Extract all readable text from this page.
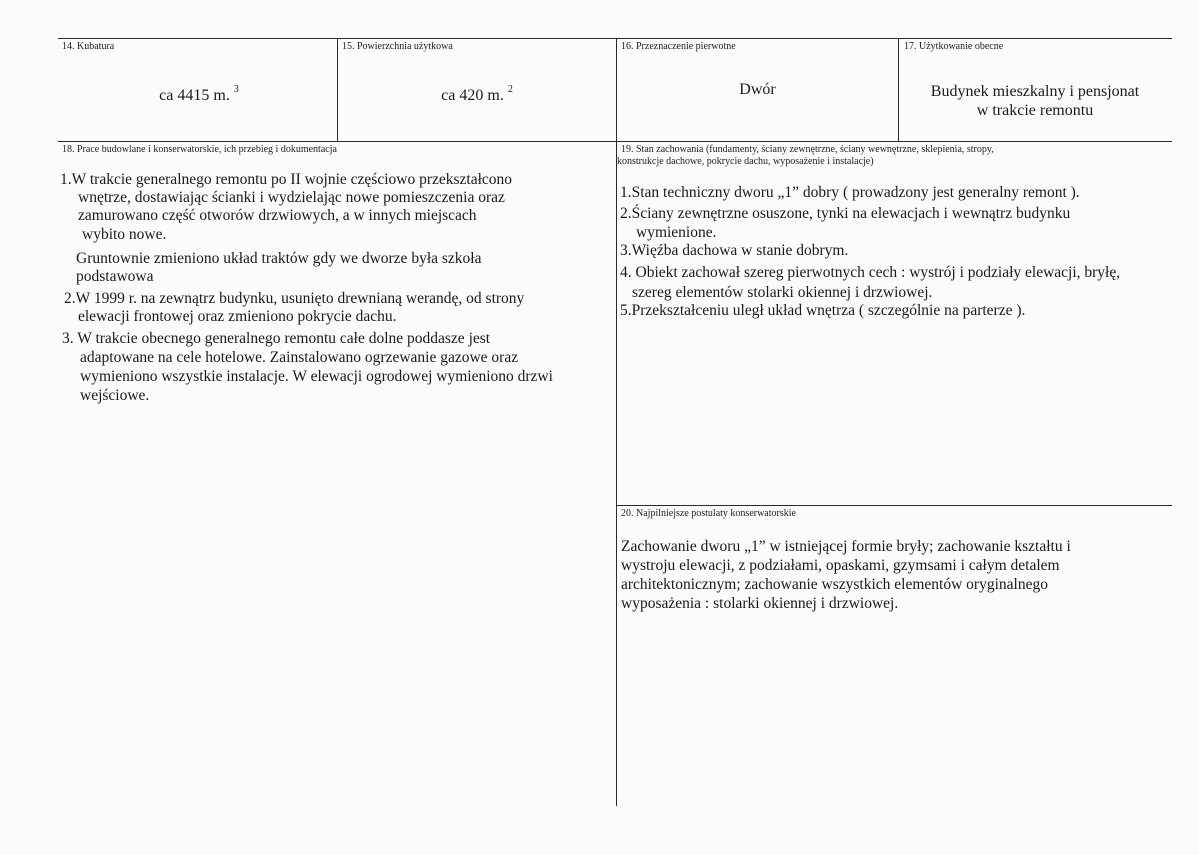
14. Kubatura
ca 4415 m. $^3$
15. Powierzchnia użytkowa
ca 420 m. $^2$
16. Przeznaczenie pierwotne
Dwór
17. Użytkowanie obecne
Budynek mieszkalny i pensjonat
w trakcie remontu
18. Prace budowlane i konserwatorskie, ich przebieg i dokumentacja
1.W trakcie generalnego remontu po II wojnie częściowo przekształcono
wnętrze, dostawiając ścianki i wydzielając nowe pomieszczenia oraz
zamurowano część otworów drzwiowych, a w innych miejscach
wybito nowe.
Gruntownie zmieniono układ traktów gdy we dworze była szkoła
podstawowa
2.W 1999 r. na zewnątrz budynku, usunięto drewnianą werandę, od strony
elewacji frontowej oraz zmieniono pokrycie dachu.
3. W trakcie obecnego generalnego remontu całe dolne poddasze jest
adaptowane na cele hotelowe. Zainstalowano ogrzewanie gazowe oraz
wymieniono wszystkie instalacje. W elewacji ogrodowej wymieniono drzwi
wejściowe.
19. Stan zachowania (fundamenty, ściany zewnętrzne, ściany wewnętrzne, sklepienia, stropy,
konstrukcje dachowe, pokrycie dachu, wyposażenie i instalacje)
1.Stan techniczny dworu „1” dobry ( prowadzony jest generalny remont ).
2.Ściany zewnętrzne osuszone, tynki na elewacjach i wewnątrz budynku
wymienione.
3.Więźba dachowa w stanie dobrym.
4. Obiekt zachował szereg pierwotnych cech : wystrój i podziały elewacji, bryłę,
szereg elementów stolarki okiennej i drzwiowej.
5.Przekształceniu uległ układ wnętrza ( szczególnie na parterze ).
20. Najpilniejsze postulaty konserwatorskie
Zachowanie dworu „1” w istniejącej formie bryły; zachowanie kształtu i
wystroju elewacji, z podziałami, opaskami, gzymsami i całym detalem
architektonicznym; zachowanie wszystkich elementów oryginalnego
wyposażenia : stolarki okiennej i drzwiowej.
